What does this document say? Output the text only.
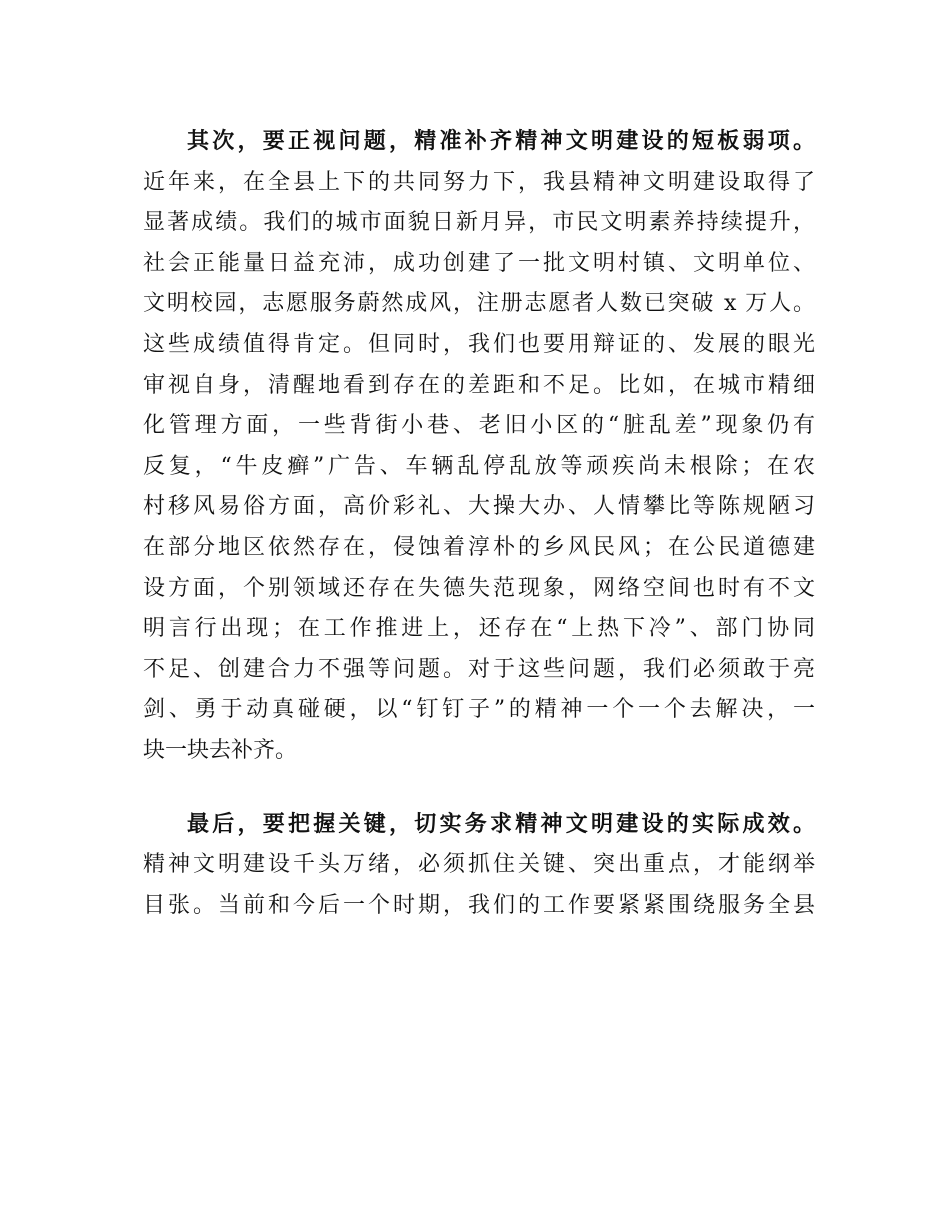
其次，要正视问题，精准补齐精神文明建设的短板弱项。
近年来，在全县上下的共同努力下，我县精神文明建设取得了
显著成绩。我们的城市面貌日新月异，市民文明素养持续提升，
社会正能量日益充沛，成功创建了一批文明村镇、文明单位、
文明校园，志愿服务蔚然成风，注册志愿者人数已突破 x 万人。
这些成绩值得肯定。但同时，我们也要用辩证的、发展的眼光
审视自身，清醒地看到存在的差距和不足。比如，在城市精细
化管理方面，一些背街小巷、老旧小区的“脏乱差”现象仍有
反复，“牛皮癣”广告、车辆乱停乱放等顽疾尚未根除；在农
村移风易俗方面，高价彩礼、大操大办、人情攀比等陈规陋习
在部分地区依然存在，侵蚀着淳朴的乡风民风；在公民道德建
设方面，个别领域还存在失德失范现象，网络空间也时有不文
明言行出现；在工作推进上，还存在“上热下冷”、部门协同
不足、创建合力不强等问题。对于这些问题，我们必须敢于亮
剑、勇于动真碰硬，以“钉钉子”的精神一个一个去解决，一
块一块去补齐。
最后，要把握关键，切实务求精神文明建设的实际成效。
精神文明建设千头万绪，必须抓住关键、突出重点，才能纲举
目张。当前和今后一个时期，我们的工作要紧紧围绕服务全县
